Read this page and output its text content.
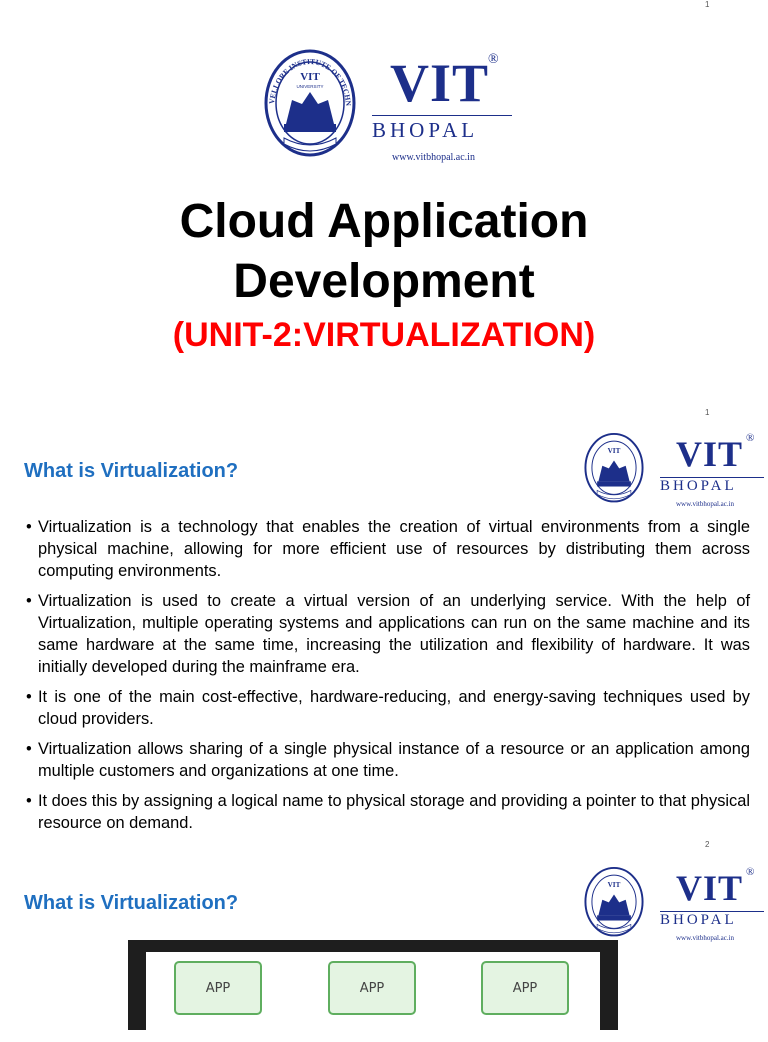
VELLORE INSTITUTE OF TECHN
VIT
UNIVERSITY VIT
®
BHOPAL
www.vitbhopal.ac.in
Cloud Application
Development
(UNIT-2:VIRTUALIZATION)
1
1
VIT VIT ®
BHOPAL
www.vitbhopal.ac.in
What is Virtualization?
• Virtualization is a technology that enables the creation of virtual environments from a single physical machine, allowing for more efficient use of resources by distributing them across computing environments.
• Virtualization is used to create a virtual version of an underlying service. With the help of Virtualization, multiple operating systems and applications can run on the same machine and its same hardware at the same time, increasing the utilization and flexibility of hardware. It was initially developed during the mainframe era.
• It is one of the main cost-effective, hardware-reducing, and energy-saving techniques used by cloud providers.
• Virtualization allows sharing of a single physical instance of a resource or an application among multiple customers and organizations at one time.
• It does this by assigning a logical name to physical storage and providing a pointer to that physical resource on demand.
2
VIT VIT ®
BHOPAL
www.vitbhopal.ac.in
What is Virtualization?
APP	APP	APP
